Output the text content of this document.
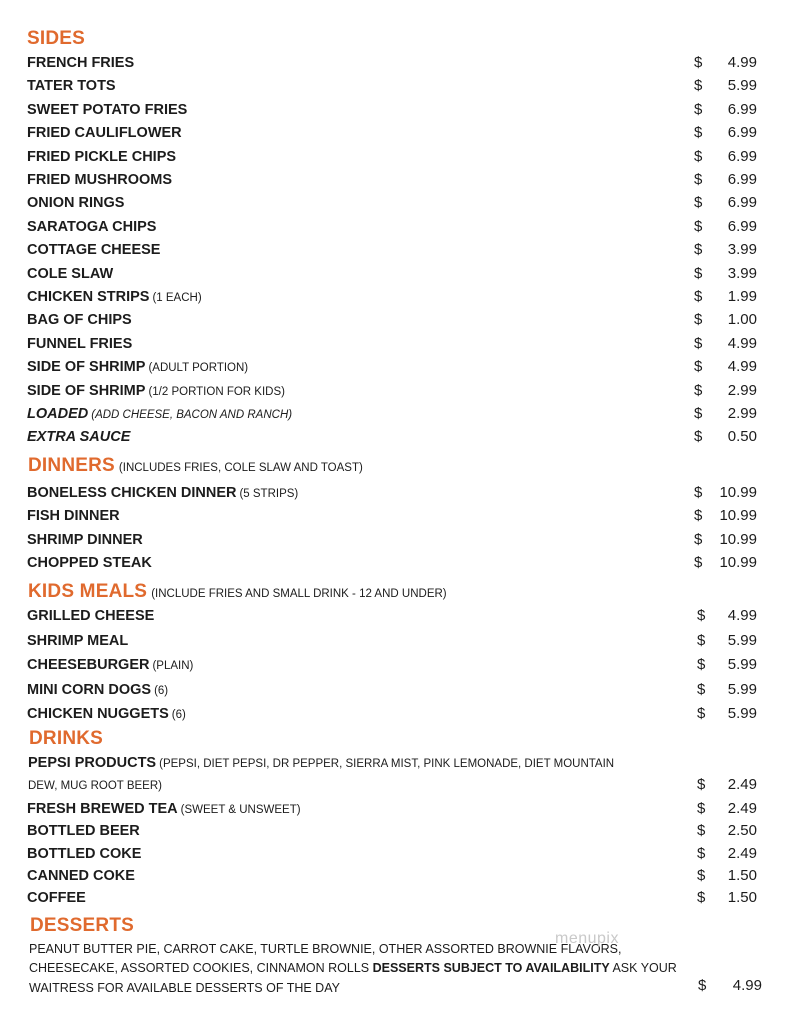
SIDES
FRENCH FRIES	$ 4.99
TATER TOTS	$ 5.99
SWEET POTATO FRIES	$ 6.99
FRIED CAULIFLOWER	$ 6.99
FRIED PICKLE CHIPS	$ 6.99
FRIED MUSHROOMS	$ 6.99
ONION RINGS	$ 6.99
SARATOGA CHIPS	$ 6.99
COTTAGE CHEESE	$ 3.99
COLE SLAW	$ 3.99
CHICKEN STRIPS (1 EACH)	$ 1.99
BAG OF CHIPS	$ 1.00
FUNNEL FRIES	$ 4.99
SIDE OF SHRIMP (ADULT PORTION)	$ 4.99
SIDE OF SHRIMP (1/2 PORTION FOR KIDS)	$ 2.99
LOADED (ADD CHEESE, BACON AND RANCH)	$ 2.99
EXTRA SAUCE	$ 0.50
DINNERS (INCLUDES FRIES, COLE SLAW AND TOAST)
BONELESS CHICKEN DINNER (5 STRIPS)	$ 10.99
FISH DINNER	$ 10.99
SHRIMP DINNER	$ 10.99
CHOPPED STEAK	$ 10.99
KIDS MEALS (INCLUDE FRIES AND SMALL DRINK - 12 AND UNDER)
GRILLED CHEESE	$ 4.99
SHRIMP MEAL	$ 5.99
CHEESEBURGER (PLAIN)	$ 5.99
MINI CORN DOGS (6)	$ 5.99
CHICKEN NUGGETS (6)	$ 5.99
DRINKS
PEPSI PRODUCTS (PEPSI, DIET PEPSI, DR PEPPER, SIERRA MIST, PINK LEMONADE, DIET MOUNTAIN
DEW, MUG ROOT BEER)	$ 2.49
FRESH BREWED TEA (SWEET & UNSWEET)	$ 2.49
BOTTLED BEER	$ 2.50
BOTTLED COKE	$ 2.49
CANNED COKE	$ 1.50
COFFEE	$ 1.50
DESSERTS
PEANUT BUTTER PIE, CARROT CAKE, TURTLE BROWNIE, OTHER ASSORTED BROWNIE FLAVORS,
CHEESECAKE, ASSORTED COOKIES, CINNAMON ROLLS DESSERTS SUBJECT TO AVAILABILITY ASK YOUR
WAITRESS FOR AVAILABLE DESSERTS OF THE DAY	$ 4.99
menupix
